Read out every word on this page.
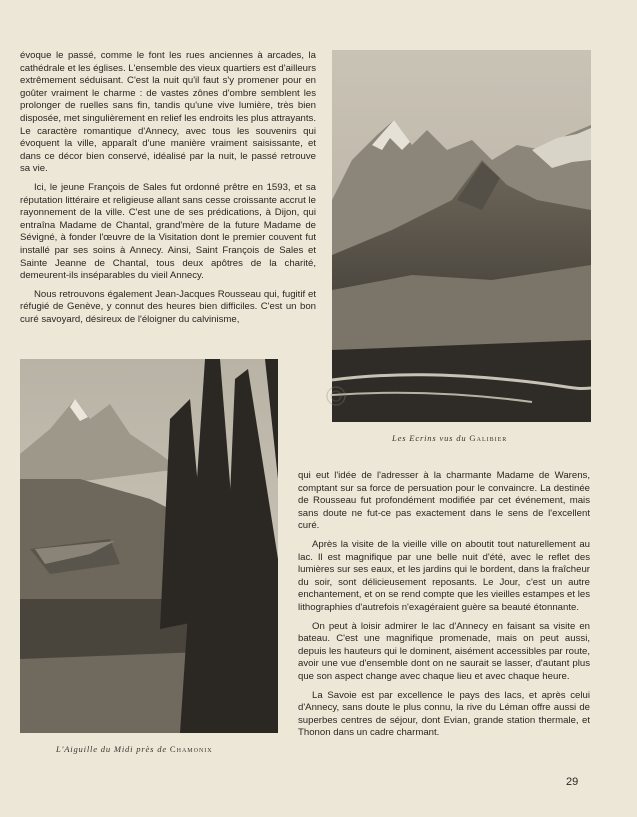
évoque le passé, comme le font les rues anciennes à arcades, la cathédrale et les églises. L'ensemble des vieux quartiers est d'ailleurs extrêmement séduisant. C'est la nuit qu'il faut s'y promener pour en goûter vraiment le charme : de vastes zônes d'ombre semblent les prolonger de ruelles sans fin, tandis qu'une vive lumière, très bien disposée, met singulièrement en relief les endroits les plus attrayants. Le caractère romantique d'Annecy, avec tous les souvenirs qui évoquent la ville, apparaît d'une manière vraiment saisissante, et dans ce décor bien conservé, idéalisé par la nuit, le passé retrouve sa vie.

Ici, le jeune François de Sales fut ordonné prêtre en 1593, et sa réputation littéraire et religieuse allant sans cesse croissante accrut le rayonnement de la ville. C'est une de ses prédications, à Dijon, qui entraîna Madame de Chantal, grand'mère de la future Madame de Sévigné, à fonder l'œuvre de la Visitation dont le premier couvent fut installé par ses soins à Annecy. Ainsi, Saint François de Sales et Sainte Jeanne de Chantal, tous deux apôtres de la charité, demeurent-ils inséparables du vieil Annecy.

Nous retrouvons également Jean-Jacques Rousseau qui, fugitif et réfugié de Genève, y connut des heures bien difficiles. C'est un bon curé savoyard, désireux de l'éloigner du calvinisme,

Les Ecrins vus du Galibier
L'Aiguille du Midi près de Chamonix

qui eut l'idée de l'adresser à la charmante Madame de Warens, comptant sur sa force de persuation pour le convaincre. La destinée de Rousseau fut profondément modifiée par cet événement, mais sans doute ne fut-ce pas exactement dans le sens de l'excellent curé.

Après la visite de la vieille ville on aboutit tout naturellement au lac. Il est magnifique par une belle nuit d'été, avec le reflet des lumières sur ses eaux, et les jardins qui le bordent, dans la fraîcheur du soir, sont délicieusement reposants. Le Jour, c'est un autre enchantement, et on se rend compte que les vieilles estampes et les lithographies d'autrefois n'exagéraient guère sa beauté étonnante.

On peut à loisir admirer le lac d'Annecy en faisant sa visite en bateau. C'est une magnifique promenade, mais on peut aussi, depuis les hauteurs qui le dominent, aisément accessibles par route, avoir une vue d'ensemble dont on ne saurait se lasser, d'autant plus que son aspect change avec chaque lieu et avec chaque heure.

La Savoie est par excellence le pays des lacs, et après celui d'Annecy, sans doute le plus connu, la rive du Léman offre aussi de superbes centres de séjour, dont Evian, grande station thermale, et Thonon dans un cadre charmant.

29
